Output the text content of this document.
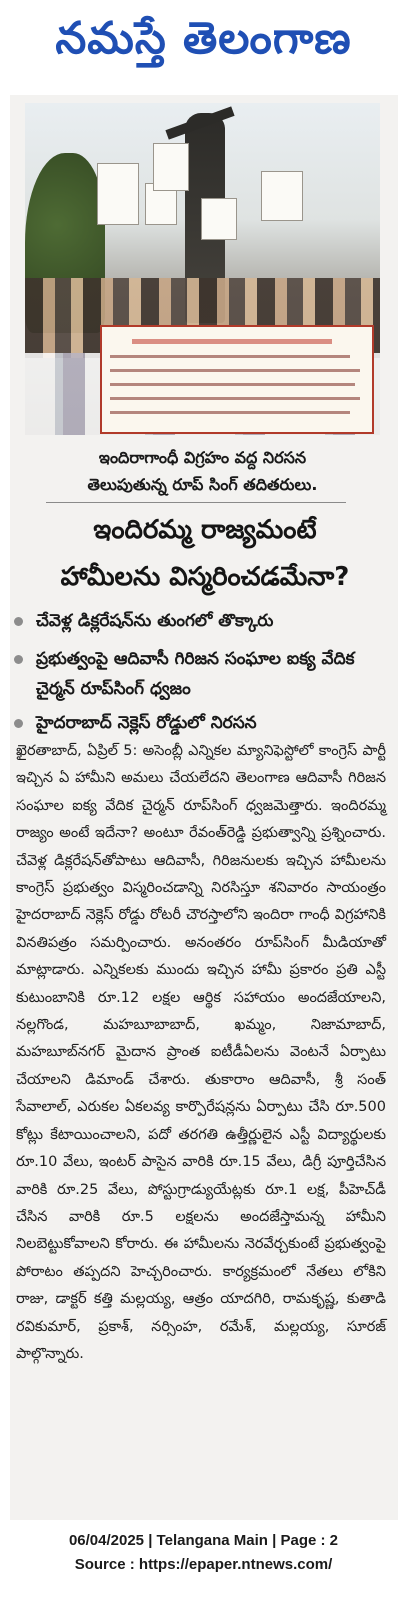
నమస్తే తెలంగాణ
ఇందిరాగాంధీ విగ్రహం వద్ద నిరసన
తెలుపుతున్న రూప్ సింగ్ తదితరులు.
ఇందిరమ్మ రాజ్యమంటే
హామీలను విస్మరించడమేనా?
చేవెళ్ల డిక్లరేషన్‌ను తుంగలో తొక్కారు
ప్రభుత్వంపై ఆదివాసీ గిరిజన సంఘాల ఐక్య వేదిక చైర్మన్ రూప్‌సింగ్ ధ్వజం
హైదరాబాద్ నెక్లెస్ రోడ్డులో నిరసన
ఖైరతాబాద్, ఏప్రిల్ 5: అసెంబ్లీ ఎన్నికల మ్యానిఫెస్టోలో కాంగ్రెస్ పార్టీ ఇచ్చిన ఏ హామీని అమలు చేయలేదని తెలంగాణ ఆదివాసీ గిరిజన సంఘాల ఐక్య వేదిక చైర్మన్ రూప్‌సింగ్ ధ్వజమెత్తారు. ఇందిరమ్మ రాజ్యం అంటే ఇదేనా? అంటూ రేవంత్‌రెడ్డి ప్రభుత్వాన్ని ప్రశ్నించారు. చేవెళ్ల డిక్లరేషన్‌తోపాటు ఆదివాసీ, గిరిజనులకు ఇచ్చిన హామీలను కాంగ్రెస్ ప్రభుత్వం విస్మరించడాన్ని నిరసిస్తూ శనివారం సాయంత్రం హైదరాబాద్ నెక్లెస్ రోడ్డు రోటరీ చౌరస్తాలోని ఇందిరా గాంధీ విగ్రహానికి వినతిపత్రం సమర్పించారు. అనంతరం రూప్‌సింగ్ మీడియాతో మాట్లాడారు. ఎన్నికలకు ముందు ఇచ్చిన హామీ ప్రకారం ప్రతి ఎస్టీ కుటుంబానికి రూ.12 లక్షల ఆర్థిక సహాయం అందజేయాలని, నల్లగొండ, మహబూబాబాద్, ఖమ్మం, నిజామాబాద్, మహబూబ్‌నగర్ మైదాన ప్రాంత ఐటీడీఏలను వెంటనే ఏర్పాటు చేయాలని డిమాండ్ చేశారు. తుకారాం ఆదివాసీ, శ్రీ సంత్ సేవాలాల్, ఎరుకల ఏకలవ్య కార్పొరేషన్లను ఏర్పాటు చేసి రూ.500 కోట్లు కేటాయించాలని, పదో తరగతి ఉత్తీర్ణులైన ఎస్టీ విద్యార్థులకు రూ.10 వేలు, ఇంటర్ పాసైన వారికి రూ.15 వేలు, డిగ్రీ పూర్తిచేసిన వారికి రూ.25 వేలు, పోస్టుగ్రాడ్యుయేట్లకు రూ.1 లక్ష, పీహెచ్‌డీ చేసిన వారికి రూ.5 లక్షలను అందజేస్తామన్న హామీని నిలబెట్టుకోవాలని కోరారు. ఈ హామీలను నెరవేర్చకుంటే ప్రభుత్వంపై పోరాటం తప్పదని హెచ్చరించారు. కార్యక్రమంలో నేతలు లోకిని రాజు, డాక్టర్ కత్తి మల్లయ్య, ఆత్రం యాదగిరి, రామకృష్ణ, కుతాడి రవికుమార్, ప్రకాశ్, నర్సింహ, రమేశ్, మల్లయ్య, సూరజ్ పాల్గొన్నారు.
06/04/2025 | Telangana Main | Page : 2
Source : https://epaper.ntnews.com/
